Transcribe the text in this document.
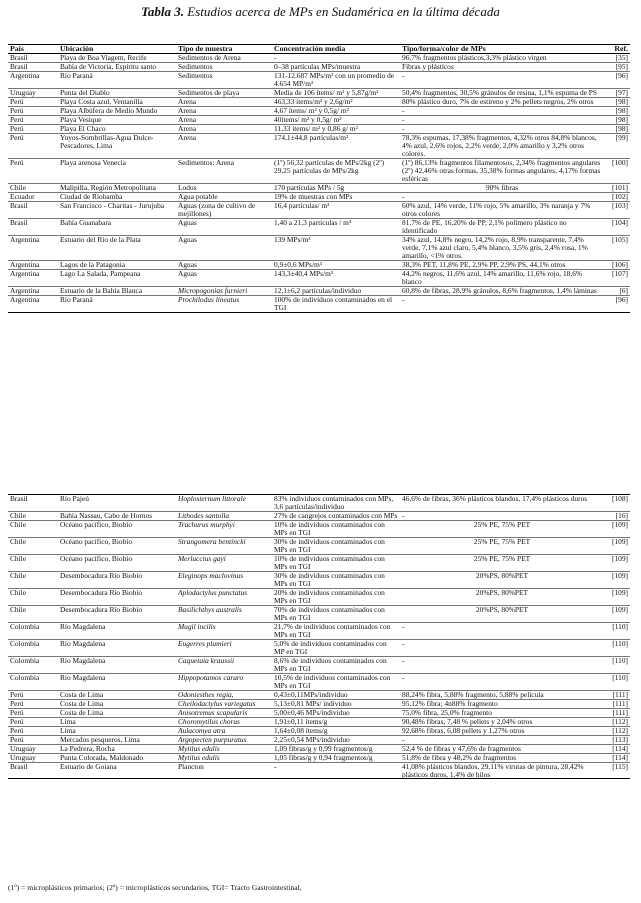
Tabla 3. Estudios acerca de MPs en Sudamérica en la última década
País	Ubicación	Tipo de muestra	Concentración media	Tipo/forma/color de MPs	Ref.
Brasil	Playa de Boa Viagem, Recife	Sedimentos de Arena	-	96,7% fragmentos plásticos,3,3% plástico virgen	[35]
Brasil	Bahía de Victoria, Espíritu santo	Sedimentos	0–38 partículas MPs/muestra	Fibras y plásticos	[95]
Argentina	Río Paraná	Sedimentos	131-12.687 MPs/m² con un promedio de 4.654 MP/m²	-	[96]
Uruguay	Punta del Diablo	Sedimentos de playa	Media de 106 ítems/ m² y 5,87g/m²	50,4% fragmentos, 30,5% gránulos de resina, 1,1% espuma de PS	[97]
Perú	Playa Costa azul, Ventanilla	Arena	463,33 ítems/m² y 2,6g/m²	80% plástico duro, 7% de estireno y 2% pellets negros, 2% otros	[98]
Perú	Playa Albúfera de Medio Mundo	Arena	4,67 ítems/ m² y 0,5g/ m²	-	[98]
Perú	Playa Vesique	Arena	40ítems/ m² y 0,5g/ m²	-	[98]
Perú	Playa El Chaco	Arena	11,33 ítems/ m² y 0,86 g/ m²	-	[98]
Perú	Yuyos-Sombrillas-Agua Dulce-Pescadores, Lima	Arena	174,1±44,8 partículas/m²	78,3% espumas, 17,38% fragmentos, 4,32% otros 84,8% blancos, 4% azul, 2,6% rojos, 2,2% verde, 2,0% amarillo y 3,2% otros colores.	[99]
Perú	Playa arenosa Venecia	Sedimentos: Arena	(1º) 56,32 partículas de MPs/2kg (2º) 29,25 partículas de MPs/2kg	(1º) 86,13% fragmentos filamentosos, 2,34% fragmentos angulares (2º) 42,46% otras formas, 35,38% formas angulares, 4,17% formas esféricas	[100]
Chile	Malipilla, Región Metropolitana	Lodos	170 partículas MPs / 5g	90% fibras	[101]
Ecuador	Ciudad de Riobamba	Agua potable	19% de muestras con MPs	-	[102]
Brasil	San Francisco - Charitas - Jurujuba	Aguas (zona de cultivo de mejillones)	16,4 partículas/ m³	60% azul, 14% verde, 11% rojo, 5% amarillo, 3% naranja y 7% otros colores	[103]
Brasil	Bahía Guanabara	Aguas	1,40 a 21,3 partículas / m³	81,7% de PE, 16,20% de PP, 2,1% polímero plástico no identificado	[104]
Argentina	Estuario del Río de la Plata	Aguas	139 MPs/m³	34% azul, 14,8% negro, 14,2% rojo, 8,9% transparente, 7,4% verde, 7,1% azul claro, 5,4% blanco, 3,5% gris, 2,4% rosa, 1% amarillo, <1% otros.	[105]
Argentina	Lagos de la Patagonia	Aguas	0,9±0,6 MPs/m³	38,3% PET, 11,8% PE, 2,9% PP, 2,9% PS, 44,1% otros	[106]
Argentina	Lago La Salada, Pampeana	Aguas	143,3±40,4 MPs/m³	44,2% negros, 11,6% azul, 14% amarillo, 11,6% rojo, 18,6% blanco	[107]
Argentina	Estuario de la Bahía Blanca	Micropogonias furnieri	12,1±6,2 partículas/individuo	60,8% de fibras, 28,9% gránulos, 8,6% fragmentos, 1,4% láminas	[6]
Argentina	Río Paraná	Prochilodus lineatus	100% de individuos contaminados en el TGI	-	[96]
Brasil	Río Pajeú	Hoplosternum littorale	83% individuos contaminados con MPs, 3,6 partículas/individuo	46,6% de fibras, 36% plásticos blandos, 17,4% plásticos duros	[108]
Chile	Bahía Nassau, Cabo de Hornos	Lithodes santolla	27% de cangrejos contaminados con MPs	-	[16]
Chile	Océano pacífico, Biobío	Trachurus murphyi	10% de individuos contaminados con MPs en TGI	25% PE, 75% PET	[109]
Chile	Océano pacífico, Biobío	Strangomera bentincki	30% de individuos contaminados con MPs en TGI	25% PE, 75% PET	[109]
Chile	Océano pacífico, Biobío	Merluccius gayi	10% de individuos contaminados con MPs en TGI	25% PE, 75% PET	[109]
Chile	Desembocadura Río Biobío	Eleginops maclovinus	30% de individuos contaminados con MPs en TGI	20%PS, 80%PET	[109]
Chile	Desembocadura Río Biobío	Aplodactylus punctatus	20% de individuos contaminados con MPs en TGI	20%PS, 80%PET	[109]
Chile	Desembocadura Río Biobío	Basilichthys australis	70% de individuos contaminados con MPs en TGI	20%PS, 80%PET	[109]
Colombia	Río Magdalena	Mugil incilis	21,7% de individuos contaminados con MPs en TGI	-	[110]
Colombia	Río Magdalena	Eugerres plumieri	5,0% de individuos contaminados con MP en TGI	-	[110]
Colombia	Río Magdalena	Caquetaia kraussii	8,6% de individuos contaminados con MPs en TGI	-	[110]
Colombia	Río Magdalena	Hippopotamos cararo	10,5% de individuos contaminados con MPs en TGI	-	[110]
Perú	Costa de Lima	Odontesthes regia,	0,43±0,11MPs/individuo	88,24% fibra, 5,88% fragmento, 5,88% película	[111]
Perú	Costa de Lima	Cheilodactylus variegatus	5,13±0,81 MPs/ individuo	95,12% fibra; 4n88% fragmento	[111]
Perú	Costa de Lima	Anisotremus scapularis	5,00±0,46 MPs/individuo	75,0% fibra, 25,0% fragmento	[111]
Perú	Lima	Choromytilus chorus	1,91±0,11 ítems/g	90,48% fibras, 7,48 % pellets y 2,04% otros	[112]
Perú	Lima	Aulacomya atra	1,64±0,08 ítems/g	92,68% fibras, 6,08 pellets y 1,27% otros	[112]
Perú	Mercados pesqueros, Lima	Argopecten purpuratus	2,25±0,54 MPs/individuo	-	[113]
Uruguay	La Pedrera, Rocha	Mytilus edulis	1,09 fibras/g y 0,99 fragmentos/g	52,4 % de fibras y 47,6% de fragmentos	[114]
Uruguay	Punta Colorada, Maldonado	Mytilus edulis	1,05 fibras/g y 0,94 fragmentos/g	51,8% de fibra y 48,2% de fragmentos	[114]
Brasil	Estuario de Goiana	Plancton	-	41,08% plásticos blandos, 29,11% virutas de pintura, 28,42% plásticos duros, 1,4% de hilos	[115]
(1º) = microplásticos primarios; (2º) = microplásticos secundarios, TGI= Tracto Gastrointestinal,
